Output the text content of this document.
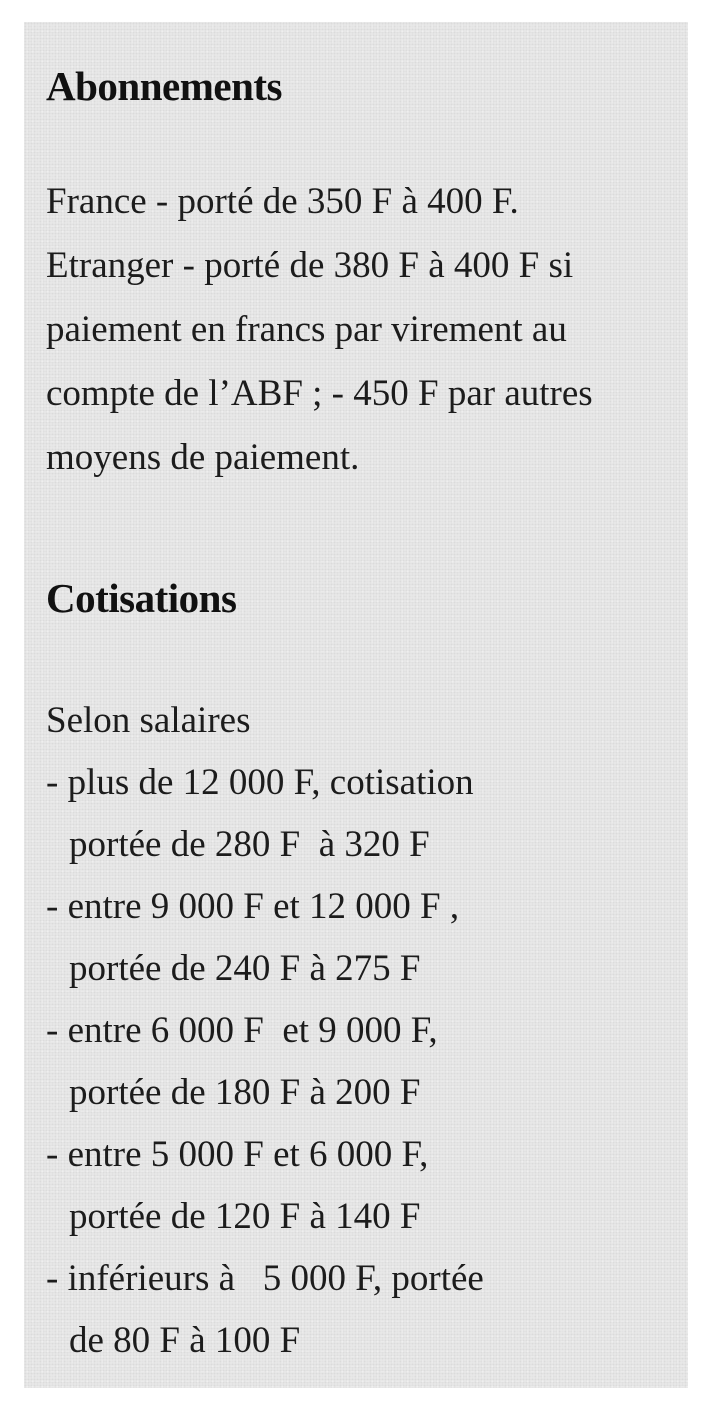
Abonnements

France - porté de 350 F à 400 F.
Etranger - porté de 380 F à 400 F si
paiement en francs par virement au
compte de l’ABF ; - 450 F par autres
moyens de paiement.

Cotisations
Selon salaires
- plus de 12 000 F, cotisation
portée de 280 F  à 320 F
- entre 9 000 F et 12 000 F ,
portée de 240 F à 275 F
- entre 6 000 F  et 9 000 F,
portée de 180 F à 200 F
- entre 5 000 F et 6 000 F,
portée de 120 F à 140 F
- inférieurs à   5 000 F, portée
de 80 F à 100 F
